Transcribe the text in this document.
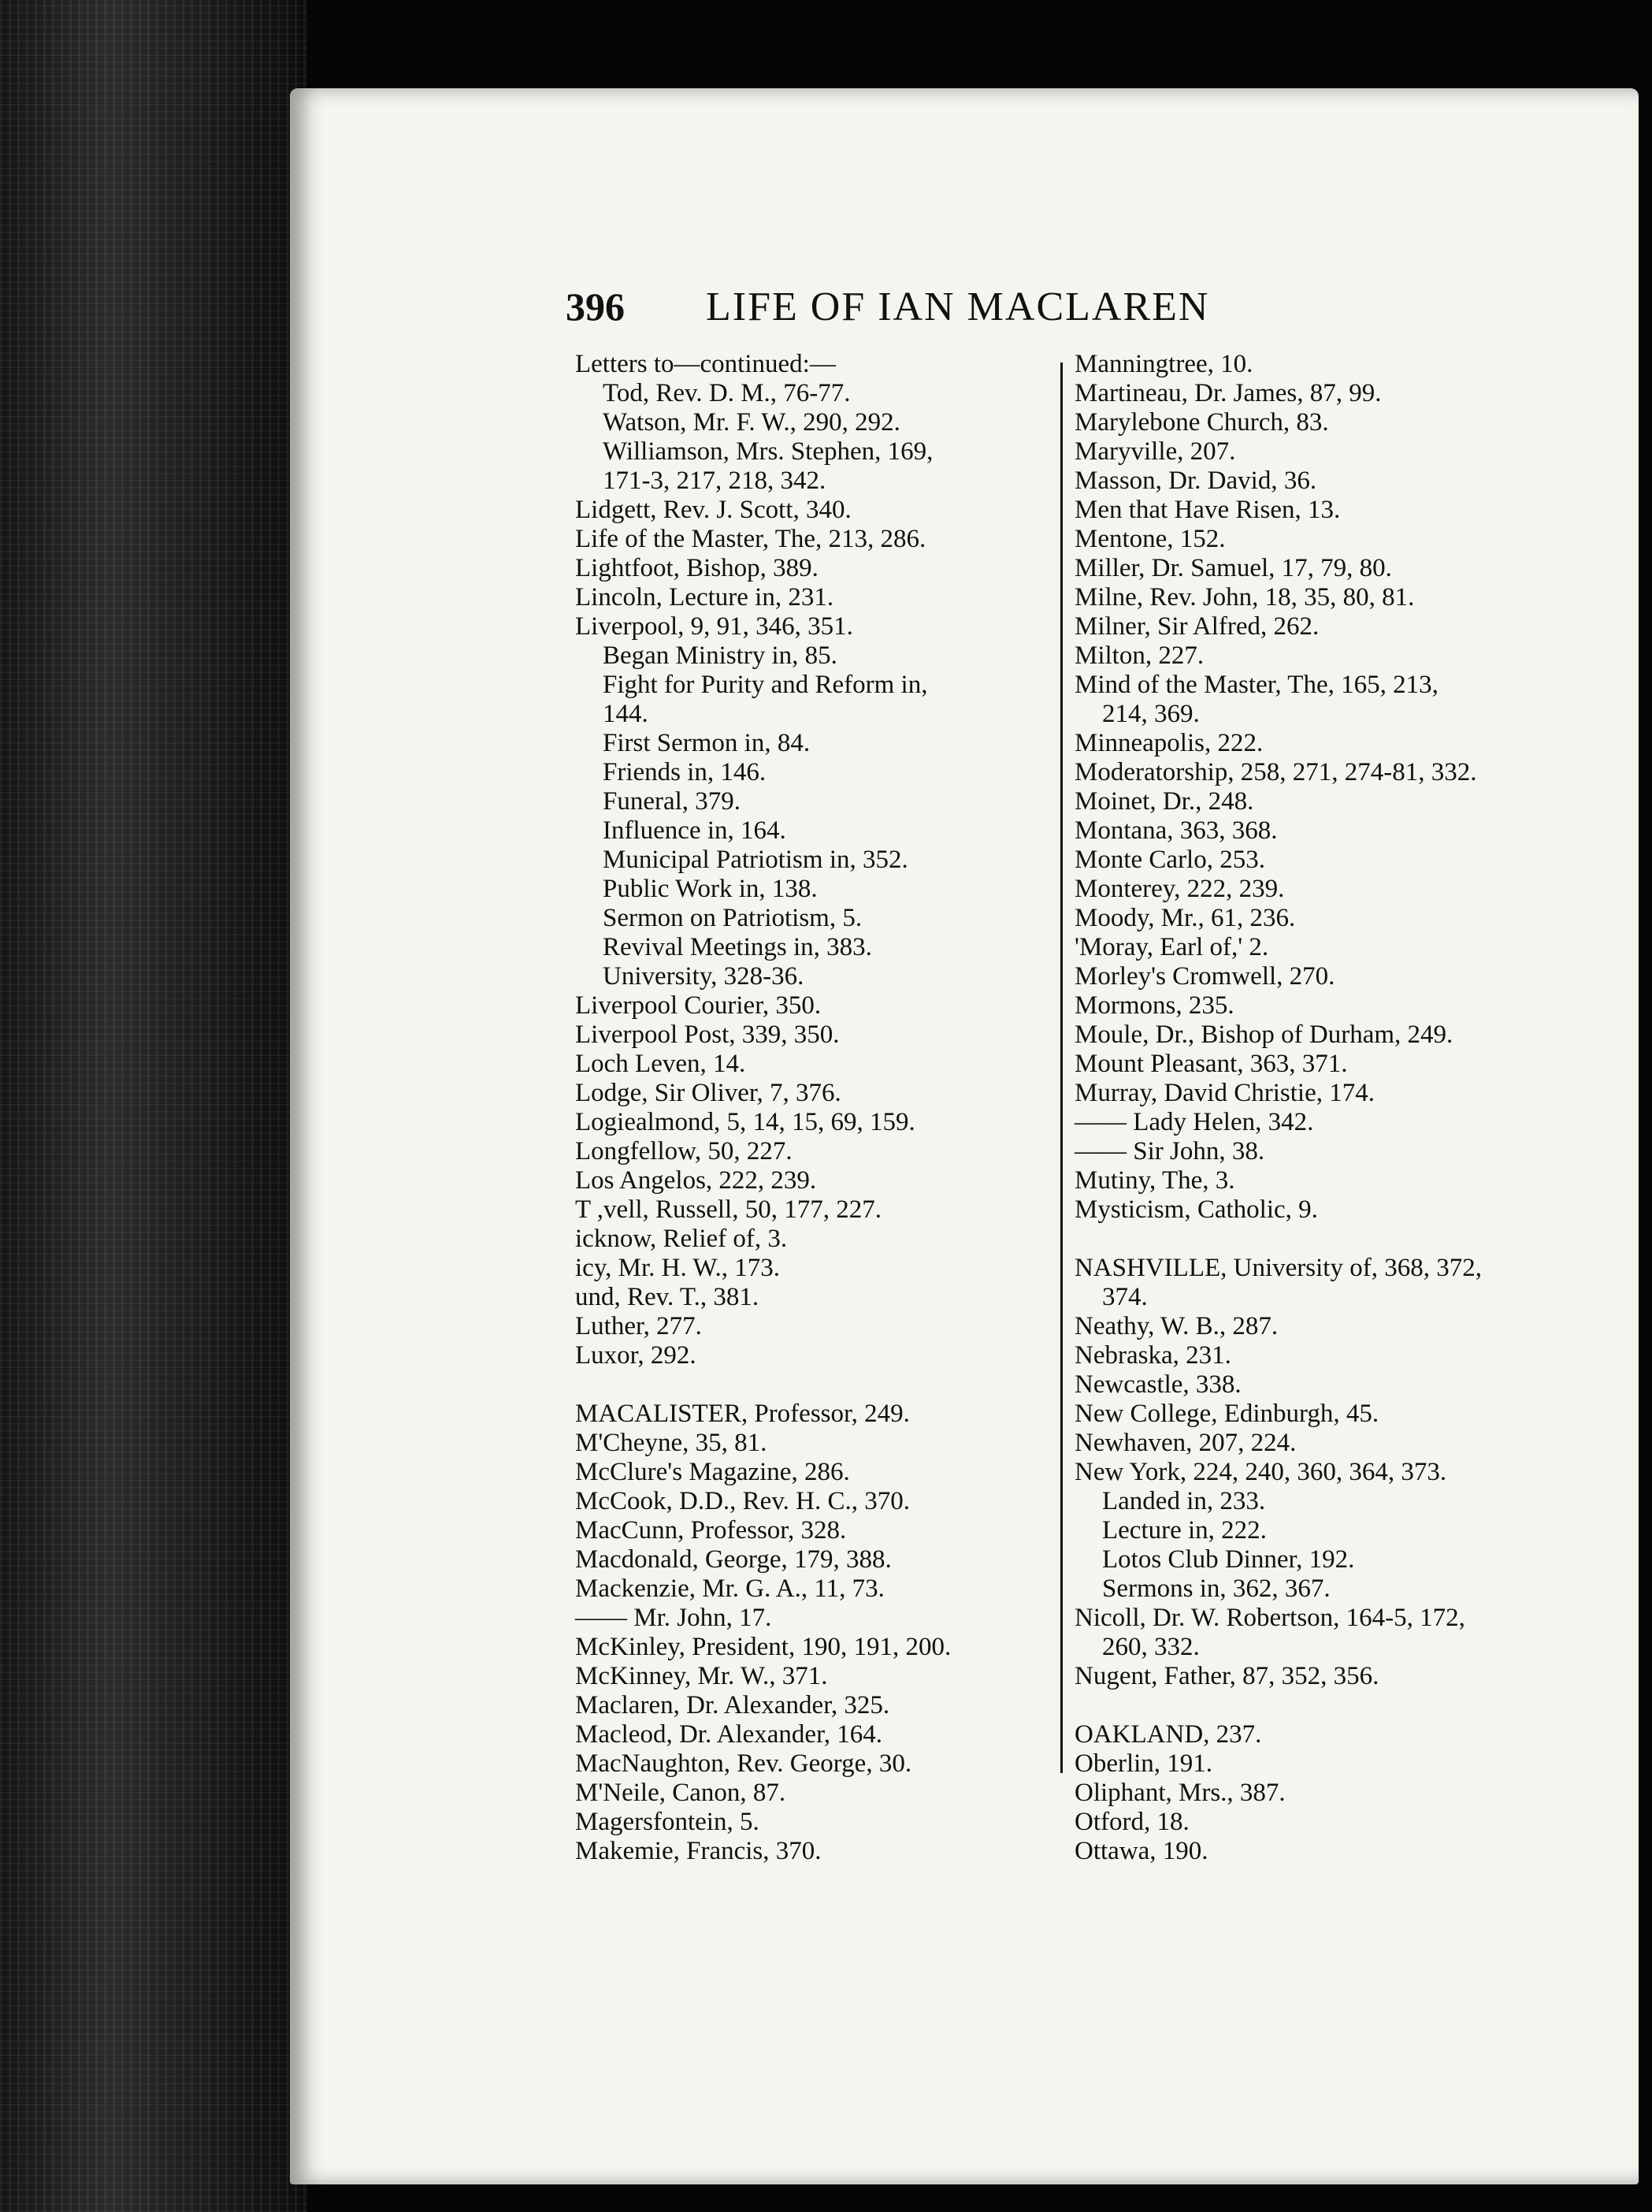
396 LIFE OF IAN MACLAREN
Letters to—continued:—
Tod, Rev. D. M., 76-77.
Watson, Mr. F. W., 290, 292.
Williamson, Mrs. Stephen, 169,
171-3, 217, 218, 342.
Lidgett, Rev. J. Scott, 340.
Life of the Master, The, 213, 286.
Lightfoot, Bishop, 389.
Lincoln, Lecture in, 231.
Liverpool, 9, 91, 346, 351.
Began Ministry in, 85.
Fight for Purity and Reform in,
144.
First Sermon in, 84.
Friends in, 146.
Funeral, 379.
Influence in, 164.
Municipal Patriotism in, 352.
Public Work in, 138.
Sermon on Patriotism, 5.
Revival Meetings in, 383.
University, 328-36.
Liverpool Courier, 350.
Liverpool Post, 339, 350.
Loch Leven, 14.
Lodge, Sir Oliver, 7, 376.
Logiealmond, 5, 14, 15, 69, 159.
Longfellow, 50, 227.
Los Angelos, 222, 239.
T ,vell, Russell, 50, 177, 227.
icknow, Relief of, 3.
icy, Mr. H. W., 173.
und, Rev. T., 381.
Luther, 277.
Luxor, 292.
MACALISTER, Professor, 249.
M'Cheyne, 35, 81.
McClure's Magazine, 286.
McCook, D.D., Rev. H. C., 370.
MacCunn, Professor, 328.
Macdonald, George, 179, 388.
Mackenzie, Mr. G. A., 11, 73.
—— Mr. John, 17.
McKinley, President, 190, 191, 200.
McKinney, Mr. W., 371.
Maclaren, Dr. Alexander, 325.
Macleod, Dr. Alexander, 164.
MacNaughton, Rev. George, 30.
M'Neile, Canon, 87.
Magersfontein, 5.
Makemie, Francis, 370.
Manningtree, 10.
Martineau, Dr. James, 87, 99.
Marylebone Church, 83.
Maryville, 207.
Masson, Dr. David, 36.
Men that Have Risen, 13.
Mentone, 152.
Miller, Dr. Samuel, 17, 79, 80.
Milne, Rev. John, 18, 35, 80, 81.
Milner, Sir Alfred, 262.
Milton, 227.
Mind of the Master, The, 165, 213,
214, 369.
Minneapolis, 222.
Moderatorship, 258, 271, 274-81, 332.
Moinet, Dr., 248.
Montana, 363, 368.
Monte Carlo, 253.
Monterey, 222, 239.
Moody, Mr., 61, 236.
'Moray, Earl of,' 2.
Morley's Cromwell, 270.
Mormons, 235.
Moule, Dr., Bishop of Durham, 249.
Mount Pleasant, 363, 371.
Murray, David Christie, 174.
—— Lady Helen, 342.
—— Sir John, 38.
Mutiny, The, 3.
Mysticism, Catholic, 9.
NASHVILLE, University of, 368, 372,
374.
Neathy, W. B., 287.
Nebraska, 231.
Newcastle, 338.
New College, Edinburgh, 45.
Newhaven, 207, 224.
New York, 224, 240, 360, 364, 373.
Landed in, 233.
Lecture in, 222.
Lotos Club Dinner, 192.
Sermons in, 362, 367.
Nicoll, Dr. W. Robertson, 164-5, 172,
260, 332.
Nugent, Father, 87, 352, 356.
OAKLAND, 237.
Oberlin, 191.
Oliphant, Mrs., 387.
Otford, 18.
Ottawa, 190.
